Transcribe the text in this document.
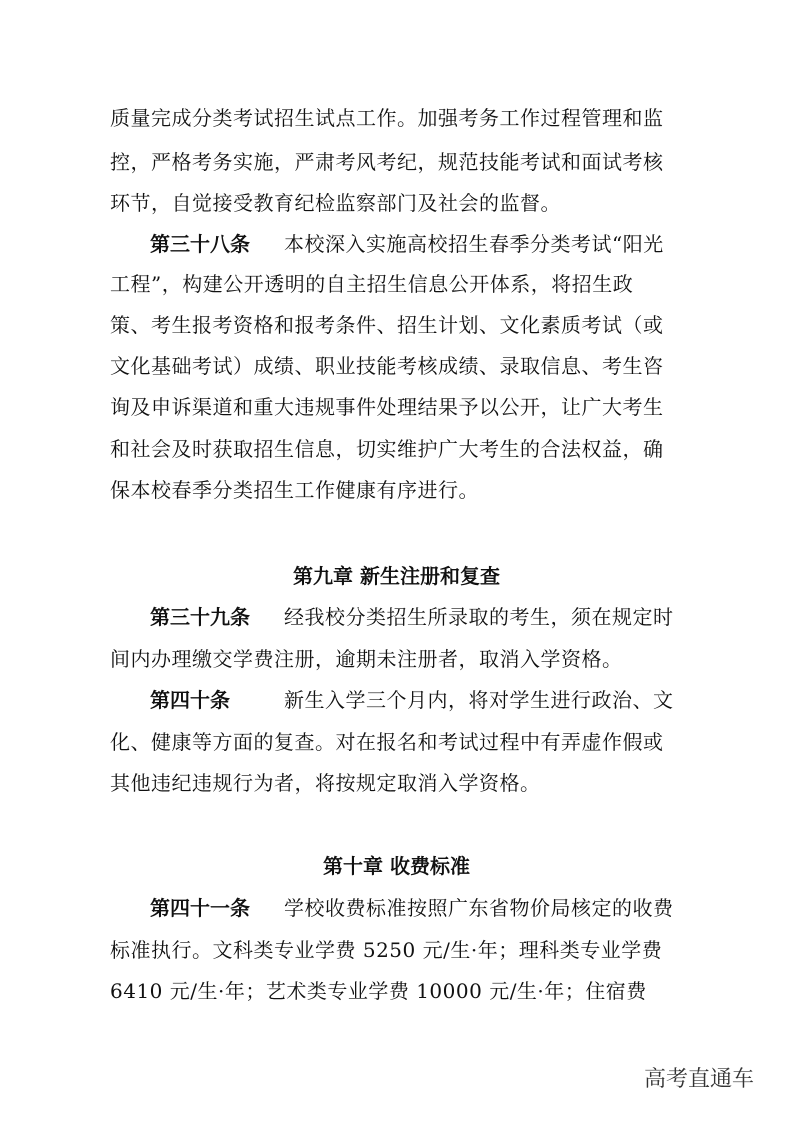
质量完成分类考试招生试点工作。加强考务工作过程管理和监
控，严格考务实施，严肃考风考纪，规范技能考试和面试考核
环节，自觉接受教育纪检监察部门及社会的监督。
第三十八条 本校深入实施高校招生春季分类考试“阳光
工程”，构建公开透明的自主招生信息公开体系，将招生政
策、考生报考资格和报考条件、招生计划、文化素质考试（或
文化基础考试）成绩、职业技能考核成绩、录取信息、考生咨
询及申诉渠道和重大违规事件处理结果予以公开，让广大考生
和社会及时获取招生信息，切实维护广大考生的合法权益，确
保本校春季分类招生工作健康有序进行。
第九章 新生注册和复查
第三十九条 经我校分类招生所录取的考生，须在规定时
间内办理缴交学费注册，逾期未注册者，取消入学资格。
第四十条	新生入学三个月内，将对学生进行政治、文
化、健康等方面的复查。对在报名和考试过程中有弄虚作假或
其他违纪违规行为者，将按规定取消入学资格。
第十章 收费标准
第四十一条 学校收费标准按照广东省物价局核定的收费
标准执行。文科类专业学费 5250 元/生·年；理科类专业学费
6410 元/生·年；艺术类专业学费 10000 元/生·年；住宿费
高考直通车
